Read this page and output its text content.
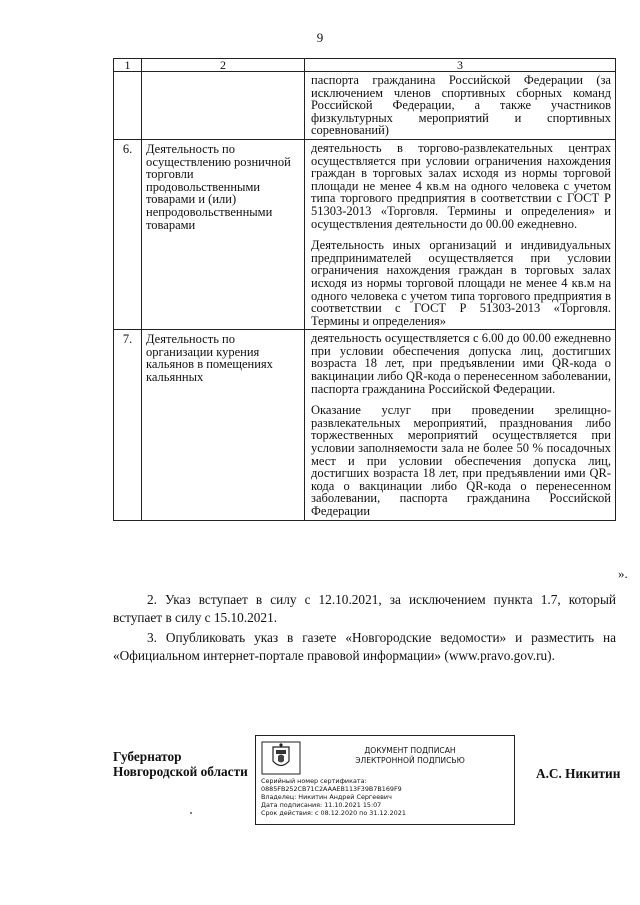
9
1	2	3

		паспорта гражданина Российской Федерации (за исключением членов спортивных сборных команд Российской Федерации, а также участников физкультурных мероприятий и спортивных соревнований)

6.	Деятельность по осуществлению розничной торговли продовольственными товарами и (или) непродовольственными товарами	деятельность в торгово-развлекательных центрах осуществляется при условии ограничения нахождения граждан в торговых залах исходя из нормы торговой площади не менее 4 кв.м на одного человека с учетом типа торгового предприятия в соответствии с ГОСТ Р 51303-2013 «Торговля. Термины и определения» и осуществления деятельности до 00.00 ежедневно.

Деятельность иных организаций и индивидуальных предпринимателей осуществляется при условии ограничения нахождения граждан в торговых залах исходя из нормы торговой площади не менее 4 кв.м на одного человека с учетом типа торгового предприятия в соответствии с ГОСТ Р 51303-2013 «Торговля. Термины и определения»

7.	Деятельность по организации курения кальянов в помещениях кальянных	деятельность осуществляется с 6.00 до 00.00 ежедневно при условии обеспечения допуска лиц, достигших возраста 18 лет, при предъявлении ими QR-кода о вакцинации либо QR-кода о перенесенном заболевании, паспорта гражданина Российской Федерации.

Оказание услуг при проведении зрелищно-развлекательных мероприятий, празднования либо торжественных мероприятий осуществляется при условии заполняемости зала не более 50 % посадочных мест и при условии обеспечения допуска лиц, достигших возраста 18 лет, при предъявлении ими QR-кода о вакцинации либо QR-кода о перенесенном заболевании, паспорта гражданина Российской Федерации

».

2. Указ вступает в силу с 12.10.2021, за исключением пункта 1.7, который вступает в силу с 15.10.2021.

3. Опубликовать указ в газете «Новгородские ведомости» и разместить на «Официальном интернет-портале правовой информации» (www.pravo.gov.ru).

Губернатор
Новгородской области
ДОКУМЕНТ ПОДПИСАН
ЭЛЕКТРОННОЙ ПОДПИСЬЮ
Серийный номер сертификата:
0885FB252CB71C2AAAEB113F39B7B169F9
Владелец: Никитин Андрей Сергеевич
Дата подписания: 11.10.2021 15:07
Срок действия: с 08.12.2020 по 31.12.2021
А.С. Никитин
